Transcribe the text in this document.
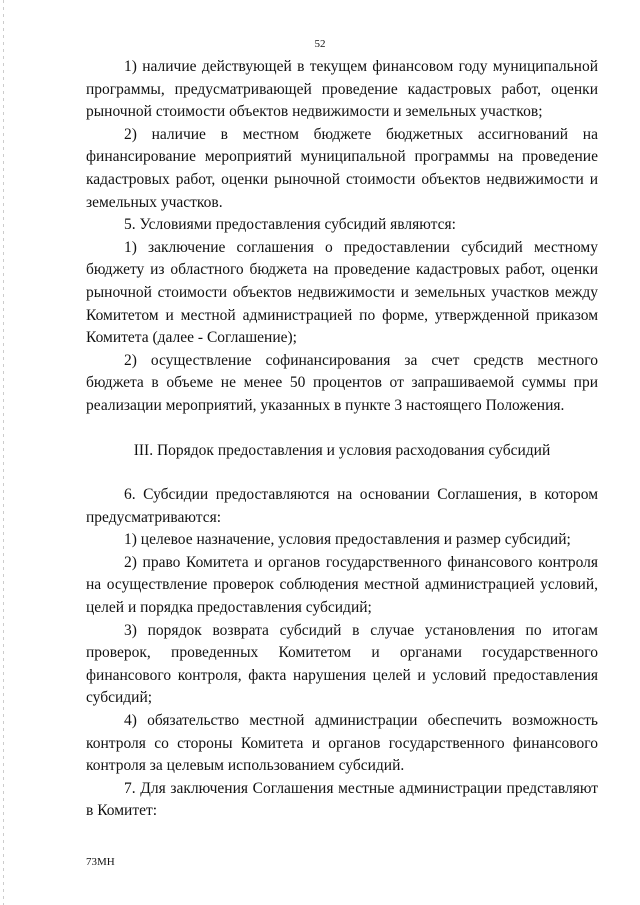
52

1) наличие действующей в текущем финансовом году муниципальной программы, предусматривающей проведение кадастровых работ, оценки рыночной стоимости объектов недвижимости и земельных участков;

2) наличие в местном бюджете бюджетных ассигнований на финансирование мероприятий муниципальной программы на проведение кадастровых работ, оценки рыночной стоимости объектов недвижимости и земельных участков.

5. Условиями предоставления субсидий являются:

1) заключение соглашения о предоставлении субсидий местному бюджету из областного бюджета на проведение кадастровых работ, оценки рыночной стоимости объектов недвижимости и земельных участков между Комитетом и местной администрацией по форме, утвержденной приказом Комитета (далее - Соглашение);

2) осуществление софинансирования за счет средств местного бюджета в объеме не менее 50 процентов от запрашиваемой суммы при реализации мероприятий, указанных в пункте 3 настоящего Положения.

III. Порядок предоставления и условия расходования субсидий

6. Субсидии предоставляются на основании Соглашения, в котором предусматриваются:

1) целевое назначение, условия предоставления и размер субсидий;

2) право Комитета и органов государственного финансового контроля на осуществление проверок соблюдения местной администрацией условий, целей и порядка предоставления субсидий;

3) порядок возврата субсидий в случае установления по итогам проверок, проведенных Комитетом и органами государственного финансового контроля, факта нарушения целей и условий предоставления субсидий;

4) обязательство местной администрации обеспечить возможность контроля со стороны Комитета и органов государственного финансового контроля за целевым использованием субсидий.

7. Для заключения Соглашения местные администрации представляют в Комитет:

73МН
